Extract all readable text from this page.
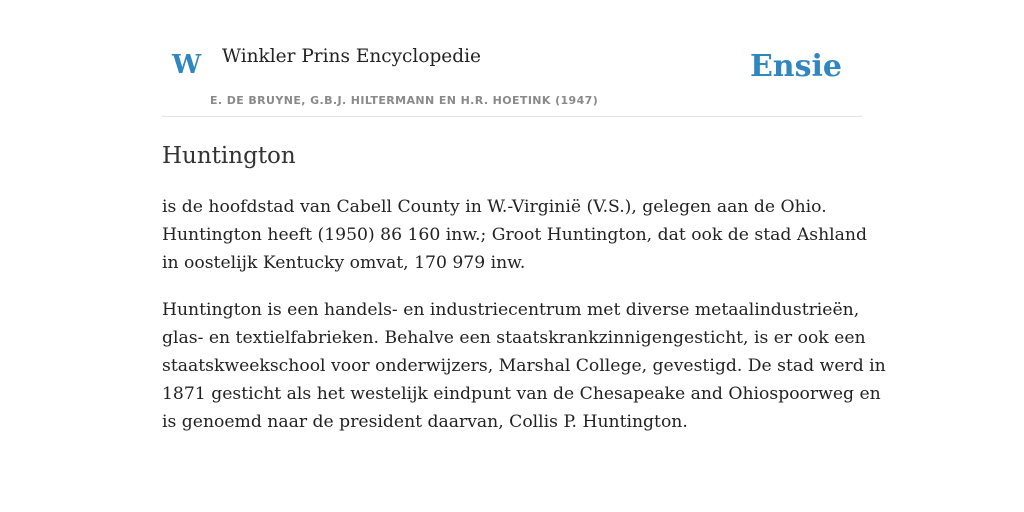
W Winkler Prins Encyclopedie
E. DE BRUYNE, G.B.J. HILTERMANN EN H.R. HOETINK (1947)
Ensie
Huntington

is de hoofdstad van Cabell County in W.-Virginië (V.S.), gelegen aan de Ohio.

Huntington heeft (1950) 86 160 inw.; Groot Huntington, dat ook de stad Ashland

in oostelijk Kentucky omvat, 170 979 inw.

Huntington is een handels- en industriecentrum met diverse metaalindustrieën,

glas- en textielfabrieken. Behalve een staatskrankzinnigengesticht, is er ook een

staatskweekschool voor onderwijzers, Marshal College, gevestigd. De stad werd in

1871 gesticht als het westelijk eindpunt van de Chesapeake and Ohiospoorweg en

is genoemd naar de president daarvan, Collis P. Huntington.
